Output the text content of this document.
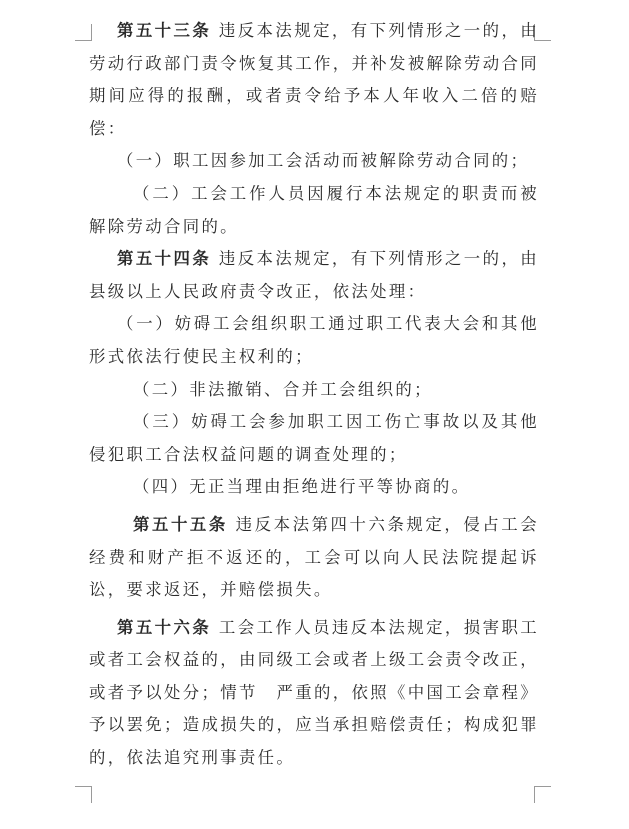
第五十三条 违反本法规定，有下列情形之一的，由劳动行政部门责令恢复其工作，并补发被解除劳动合同期间应得的报酬，或者责令给予本人年收入二倍的赔偿：

（一）职工因参加工会活动而被解除劳动合同的；

（二）工会工作人员因履行本法规定的职责而被解除劳动合同的。

第五十四条 违反本法规定，有下列情形之一的，由县级以上人民政府责令改正，依法处理：

（一）妨碍工会组织职工通过职工代表大会和其他形式依法行使民主权利的；

（二）非法撤销、合并工会组织的；

（三）妨碍工会参加职工因工伤亡事故以及其他侵犯职工合法权益问题的调查处理的；

（四）无正当理由拒绝进行平等协商的。

第五十五条 违反本法第四十六条规定，侵占工会经费和财产拒不返还的，工会可以向人民法院提起诉讼，要求返还，并赔偿损失。

第五十六条 工会工作人员违反本法规定，损害职工或者工会权益的，由同级工会或者上级工会责令改正，或者予以处分；情节　严重的，依照《中国工会章程》予以罢免；造成损失的，应当承担赔偿责任；构成犯罪的，依法追究刑事责任。
